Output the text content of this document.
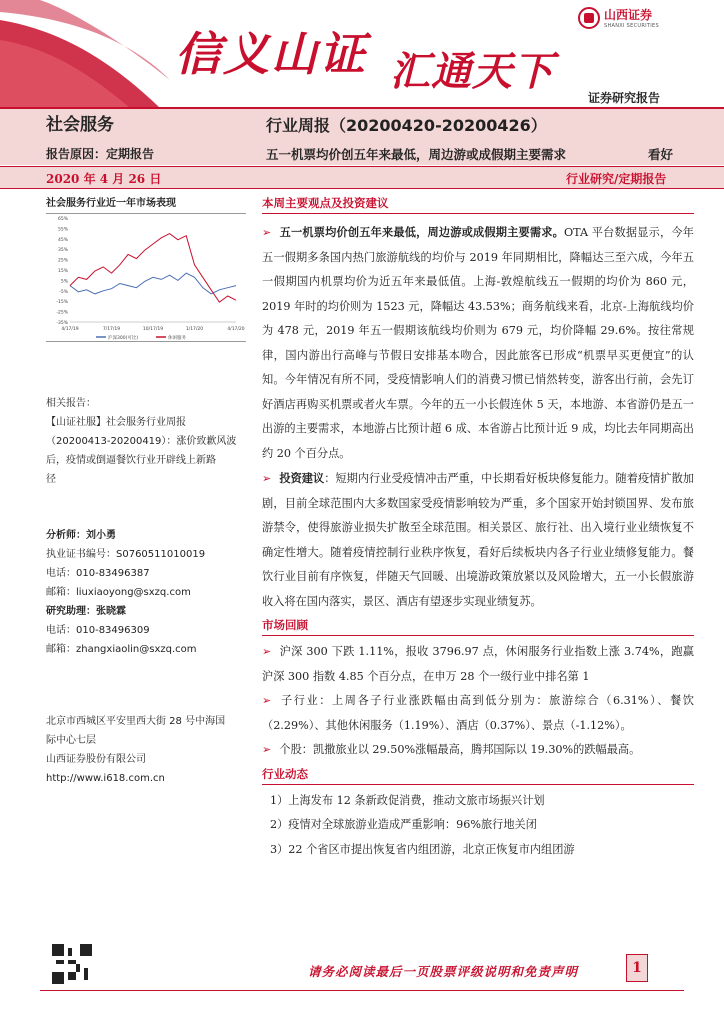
信义山证 汇通天下
山西证券
SHANXI SECURITIES
证券研究报告
社会服务
报告原因：定期报告
行业周报（20200420-20200426）
五一机票均价创五年来最低，周边游或成假期主要需求	看好
2020 年 4 月 26 日	行业研究/定期报告
社会服务行业近一年市场表现
65%
55%
45%
35%
25%
15%
5%
-5%
-15%
-25%
-35%
4/17/19	7/17/19	10/17/19	1/17/20	4/17/20
沪深300(可比)	休闲服务
相关报告：
【山证社服】社会服务行业周报
（20200413-20200419）：涨价致歉风波
后，疫情或倒逼餐饮行业开辟线上新路
径
分析师：刘小勇
执业证书编号：S0760511010019
电话：010-83496387
邮箱：liuxiaoyong@sxzq.com
研究助理：张晓霖
电话：010-83496309
邮箱：zhangxiaolin@sxzq.com
北京市西城区平安里西大街 28 号中海国
际中心七层
山西证券股份有限公司
http://www.i618.com.cn
本周主要观点及投资建议
➢ 五一机票均价创五年来最低，周边游或成假期主要需求。OTA 平台数据显示，今年五一假期多条国内热门旅游航线的均价与 2019 年同期相比，降幅达三至六成，今年五一假期国内机票均价为近五年来最低值。上海-敦煌航线五一假期的均价为 860 元，2019 年时的均价则为 1523 元，降幅达 43.53%；商务航线来看，北京-上海航线均价为 478 元，2019 年五一假期该航线均价则为 679 元，均价降幅 29.6%。按往常规律，国内游出行高峰与节假日安排基本吻合，因此旅客已形成“机票早买更便宜”的认知。今年情况有所不同，受疫情影响人们的消费习惯已悄然转变，游客出行前，会先订好酒店再购买机票或者火车票。今年的五一小长假连休 5 天，本地游、本省游仍是五一出游的主要需求，本地游占比预计超 6 成、本省游占比预计近 9 成，均比去年同期高出约 20 个百分点。
➢ 投资建议：短期内行业受疫情冲击严重，中长期看好板块修复能力。随着疫情扩散加剧，目前全球范围内大多数国家受疫情影响较为严重，多个国家开始封锁国界、发布旅游禁令，使得旅游业损失扩散至全球范围。相关景区、旅行社、出入境行业业绩恢复不确定性增大。随着疫情控制行业秩序恢复，看好后续板块内各子行业业绩修复能力。餐饮行业目前有序恢复，伴随天气回暖、出境游政策放紧以及风险增大，五一小长假旅游收入将在国内落实，景区、酒店有望逐步实现业绩复苏。
市场回顾
➢ 沪深 300 下跌 1.11%，报收 3796.97 点，休闲服务行业指数上涨 3.74%，跑赢沪深 300 指数 4.85 个百分点，在申万 28 个一级行业中排名第 1
➢ 子行业：上周各子行业涨跌幅由高到低分别为：旅游综合（6.31%）、餐饮（2.29%）、其他休闲服务（1.19%）、酒店（0.37%）、景点（-1.12%）。
➢ 个股：凯撒旅业以 29.50%涨幅最高，腾邦国际以 19.30%的跌幅最高。
行业动态
1）上海发布 12 条新政促消费，推动文旅市场振兴计划
2）疫情对全球旅游业造成严重影响：96%旅行地关闭
3）22 个省区市提出恢复省内组团游，北京正恢复市内组团游
请务必阅读最后一页股票评级说明和免责声明	1
